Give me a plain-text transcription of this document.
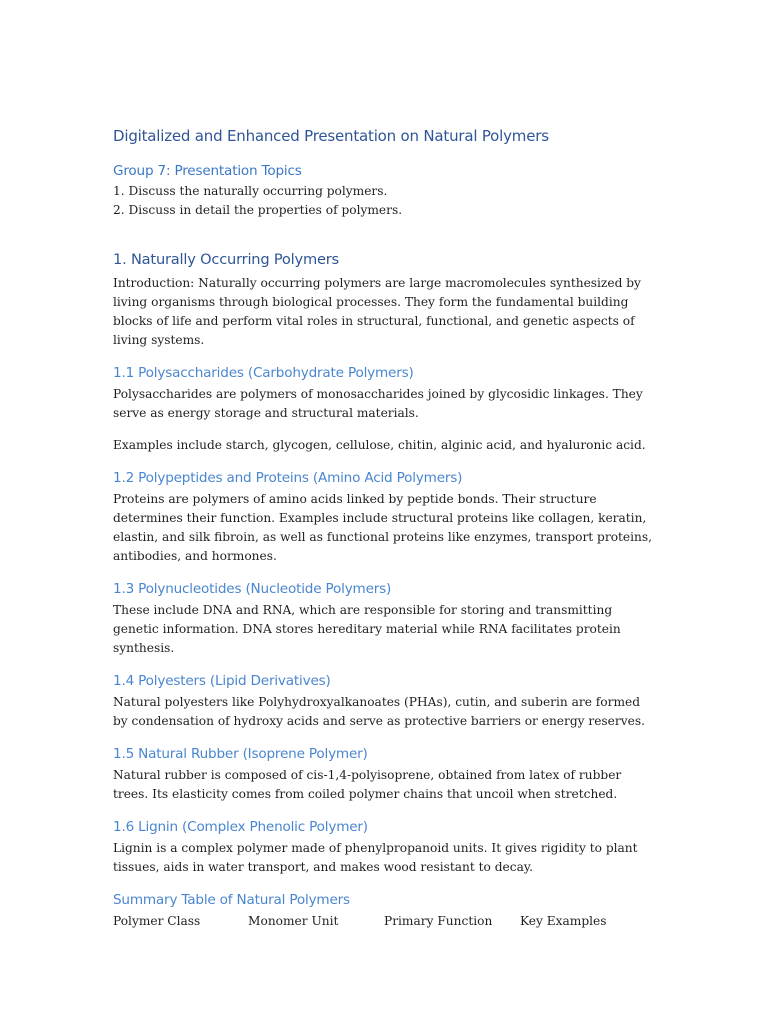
Digitalized and Enhanced Presentation on Natural Polymers
Group 7: Presentation Topics

1. Discuss the naturally occurring polymers.

2. Discuss in detail the properties of polymers.

1. Naturally Occurring Polymers

Introduction: Naturally occurring polymers are large macromolecules synthesized by living organisms through biological processes. They form the fundamental building blocks of life and perform vital roles in structural, functional, and genetic aspects of living systems.

1.1 Polysaccharides (Carbohydrate Polymers)

Polysaccharides are polymers of monosaccharides joined by glycosidic linkages. They serve as energy storage and structural materials.

Examples include starch, glycogen, cellulose, chitin, alginic acid, and hyaluronic acid.

1.2 Polypeptides and Proteins (Amino Acid Polymers)

Proteins are polymers of amino acids linked by peptide bonds. Their structure determines their function. Examples include structural proteins like collagen, keratin, elastin, and silk fibroin, as well as functional proteins like enzymes, transport proteins, antibodies, and hormones.

1.3 Polynucleotides (Nucleotide Polymers)

These include DNA and RNA, which are responsible for storing and transmitting genetic information. DNA stores hereditary material while RNA facilitates protein synthesis.

1.4 Polyesters (Lipid Derivatives)

Natural polyesters like Polyhydroxyalkanoates (PHAs), cutin, and suberin are formed by condensation of hydroxy acids and serve as protective barriers or energy reserves.

1.5 Natural Rubber (Isoprene Polymer)

Natural rubber is composed of cis-1,4-polyisoprene, obtained from latex of rubber trees. Its elasticity comes from coiled polymer chains that uncoil when stretched.

1.6 Lignin (Complex Phenolic Polymer)

Lignin is a complex polymer made of phenylpropanoid units. It gives rigidity to plant tissues, aids in water transport, and makes wood resistant to decay.

Summary Table of Natural Polymers
Polymer Class	Monomer Unit	Primary Function	Key Examples
